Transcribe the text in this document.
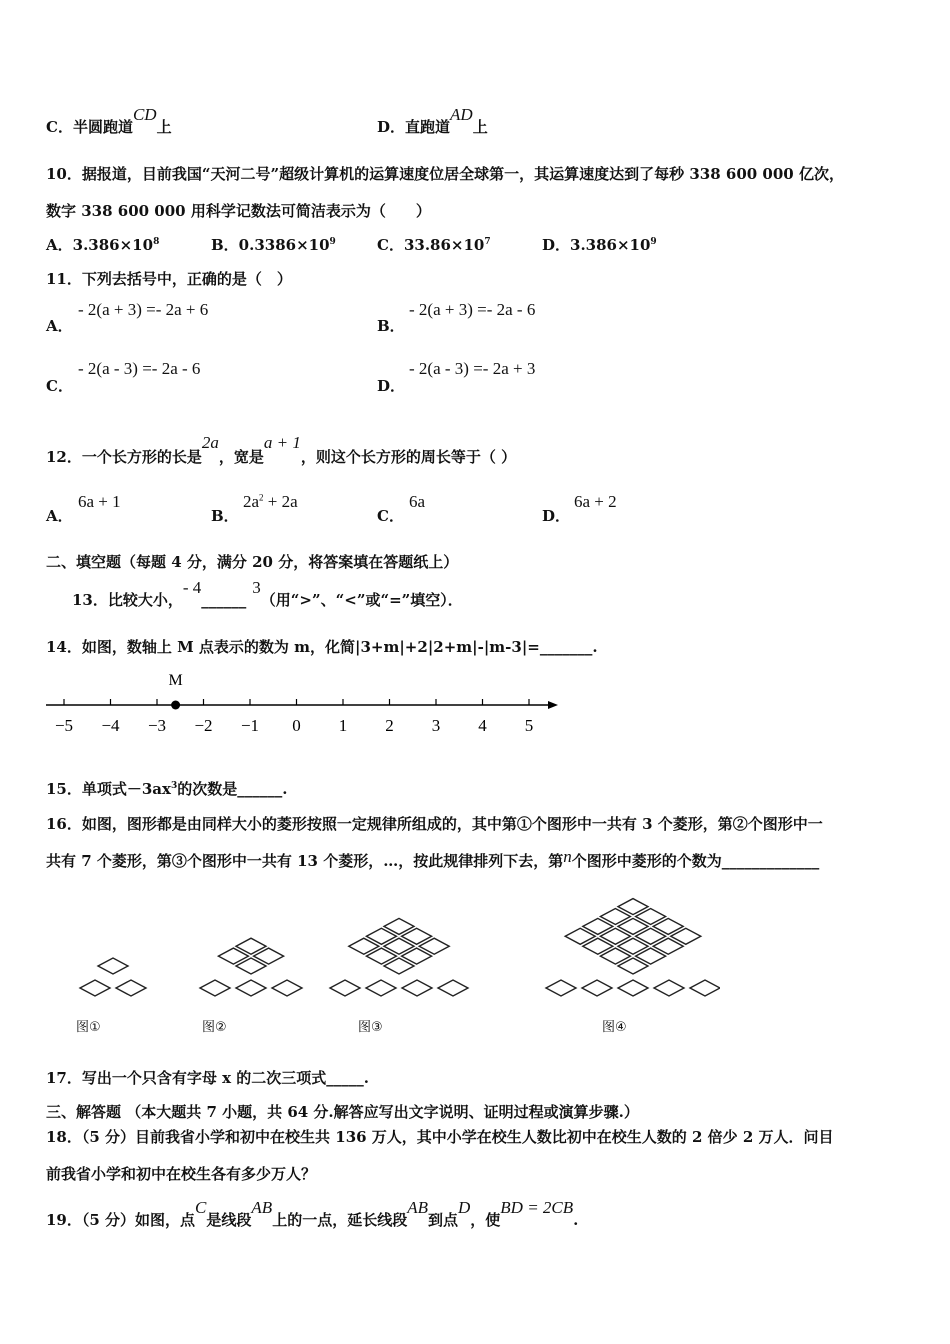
C．半圆跑道CD上	D．直跑道AD上
10．据报道，目前我国“天河二号”超级计算机的运算速度位居全球第一，其运算速度达到了每秒 338 600 000 亿次，
数字 338 600 000 用科学记数法可简洁表示为（　　）
A．$3.386\times 10^8$	B．$0.3386\times 10^9$	C．$33.86\times 10^7$	D．$3.386\times 10^9$
11．下列去括号中，正确的是（　）
A．
- 2(a + 3) =- 2a + 6
B．
- 2(a + 3) =- 2a - 6
C．
- 2(a - 3) =- 2a - 6
D．
- 2(a - 3) =- 2a + 3
12．一个长方形的长是2a，宽是a + 1，则这个长方形的周长等于（ ）
A．
6a + 1
B．
$2a^2 + 2a$
C．
6a
D．
6a + 2
二、填空题（每题 4 分，满分 20 分，将答案填在答题纸上）
13．比较大小，- 4______3（用“>”、“<”或“=”填空）．
14．如图，数轴上 M 点表示的数为 m，化简|3+m|+2|2+m|-|m-3|=_______.
−5 −4 −3 −2 −1 0 1 2 3 4 5
M
15．单项式$-3ax^3$的次数是______.
16．如图，图形都是由同样大小的菱形按照一定规律所组成的，其中第①个图形中一共有 3 个菱形，第②个图形中一
共有 7 个菱形，第③个图形中一共有 13 个菱形，…，按此规律排列下去，第n个图形中菱形的个数为_____________
图①	图②	图③	图④
17．写出一个只含有字母 x 的二次三项式_____.
三、解答题 （本大题共 7 小题，共 64 分.解答应写出文字说明、证明过程或演算步骤.）
18．（5 分）目前我省小学和初中在校生共 136 万人，其中小学在校生人数比初中在校生人数的 2 倍少 2 万人．问目
前我省小学和初中在校生各有多少万人？
19．（5 分）如图，点C是线段AB上的一点，延长线段AB到点D，使BD = 2CB.
